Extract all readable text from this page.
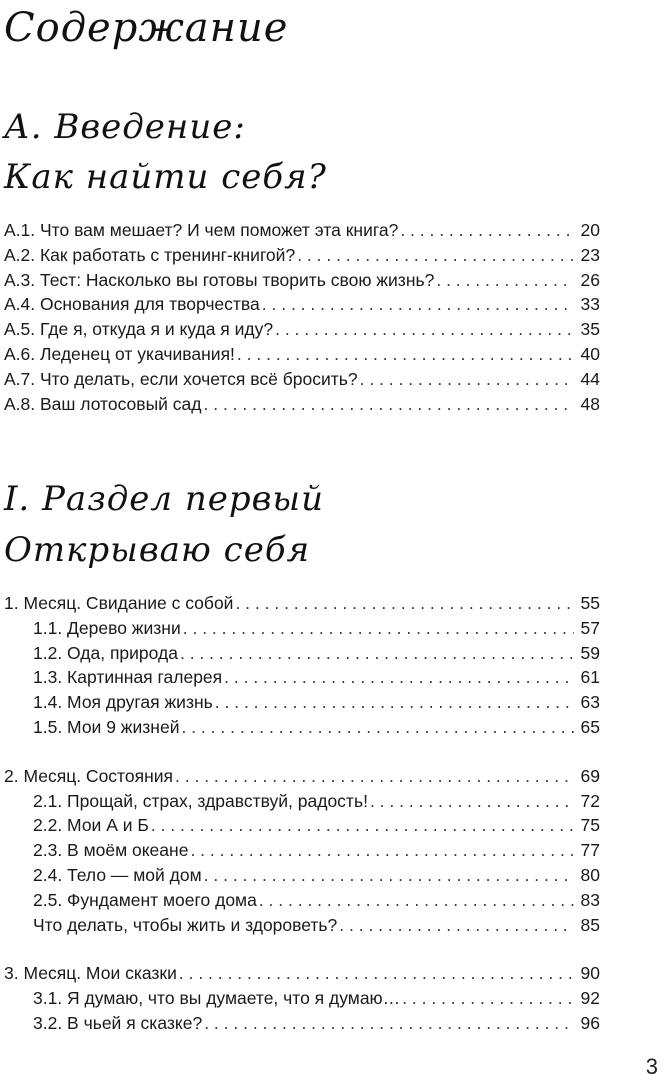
Содержание
А. Введение:
Как найти себя?
А.1. Что вам мешает? И чем поможет эта книга? . . .	20
А.2. Как работать с тренинг-книгой? . . .	23
А.3. Тест: Насколько вы готовы творить свою жизнь? . . .	26
А.4. Основания для творчества . . .	33
А.5. Где я, откуда я и куда я иду? . . .	35
А.6. Леденец от укачивания! . . .	40
А.7. Что делать, если хочется всё бросить? . . .	44
А.8. Ваш лотосовый сад . . .	48
I. Раздел первый
Открываю себя
1. Месяц. Свидание с собой . . .	55
1.1. Дерево жизни . . .	57
1.2. Ода, природа . . .	59
1.3. Картинная галерея . . .	61
1.4. Моя другая жизнь . . .	63
1.5. Мои 9 жизней . . .	65
2. Месяц. Состояния . . .	69
2.1. Прощай, страх, здравствуй, радость! . . .	72
2.2. Мои А и Б . . .	75
2.3. В моём океане . . .	77
2.4. Тело — мой дом . . .	80
2.5. Фундамент моего дома . . .	83
Что делать, чтобы жить и здороветь? . . .	85
3. Месяц. Мои сказки . . .	90
3.1. Я думаю, что вы думаете, что я думаю… . . .	92
3.2. В чьей я сказке? . . .	96
3
